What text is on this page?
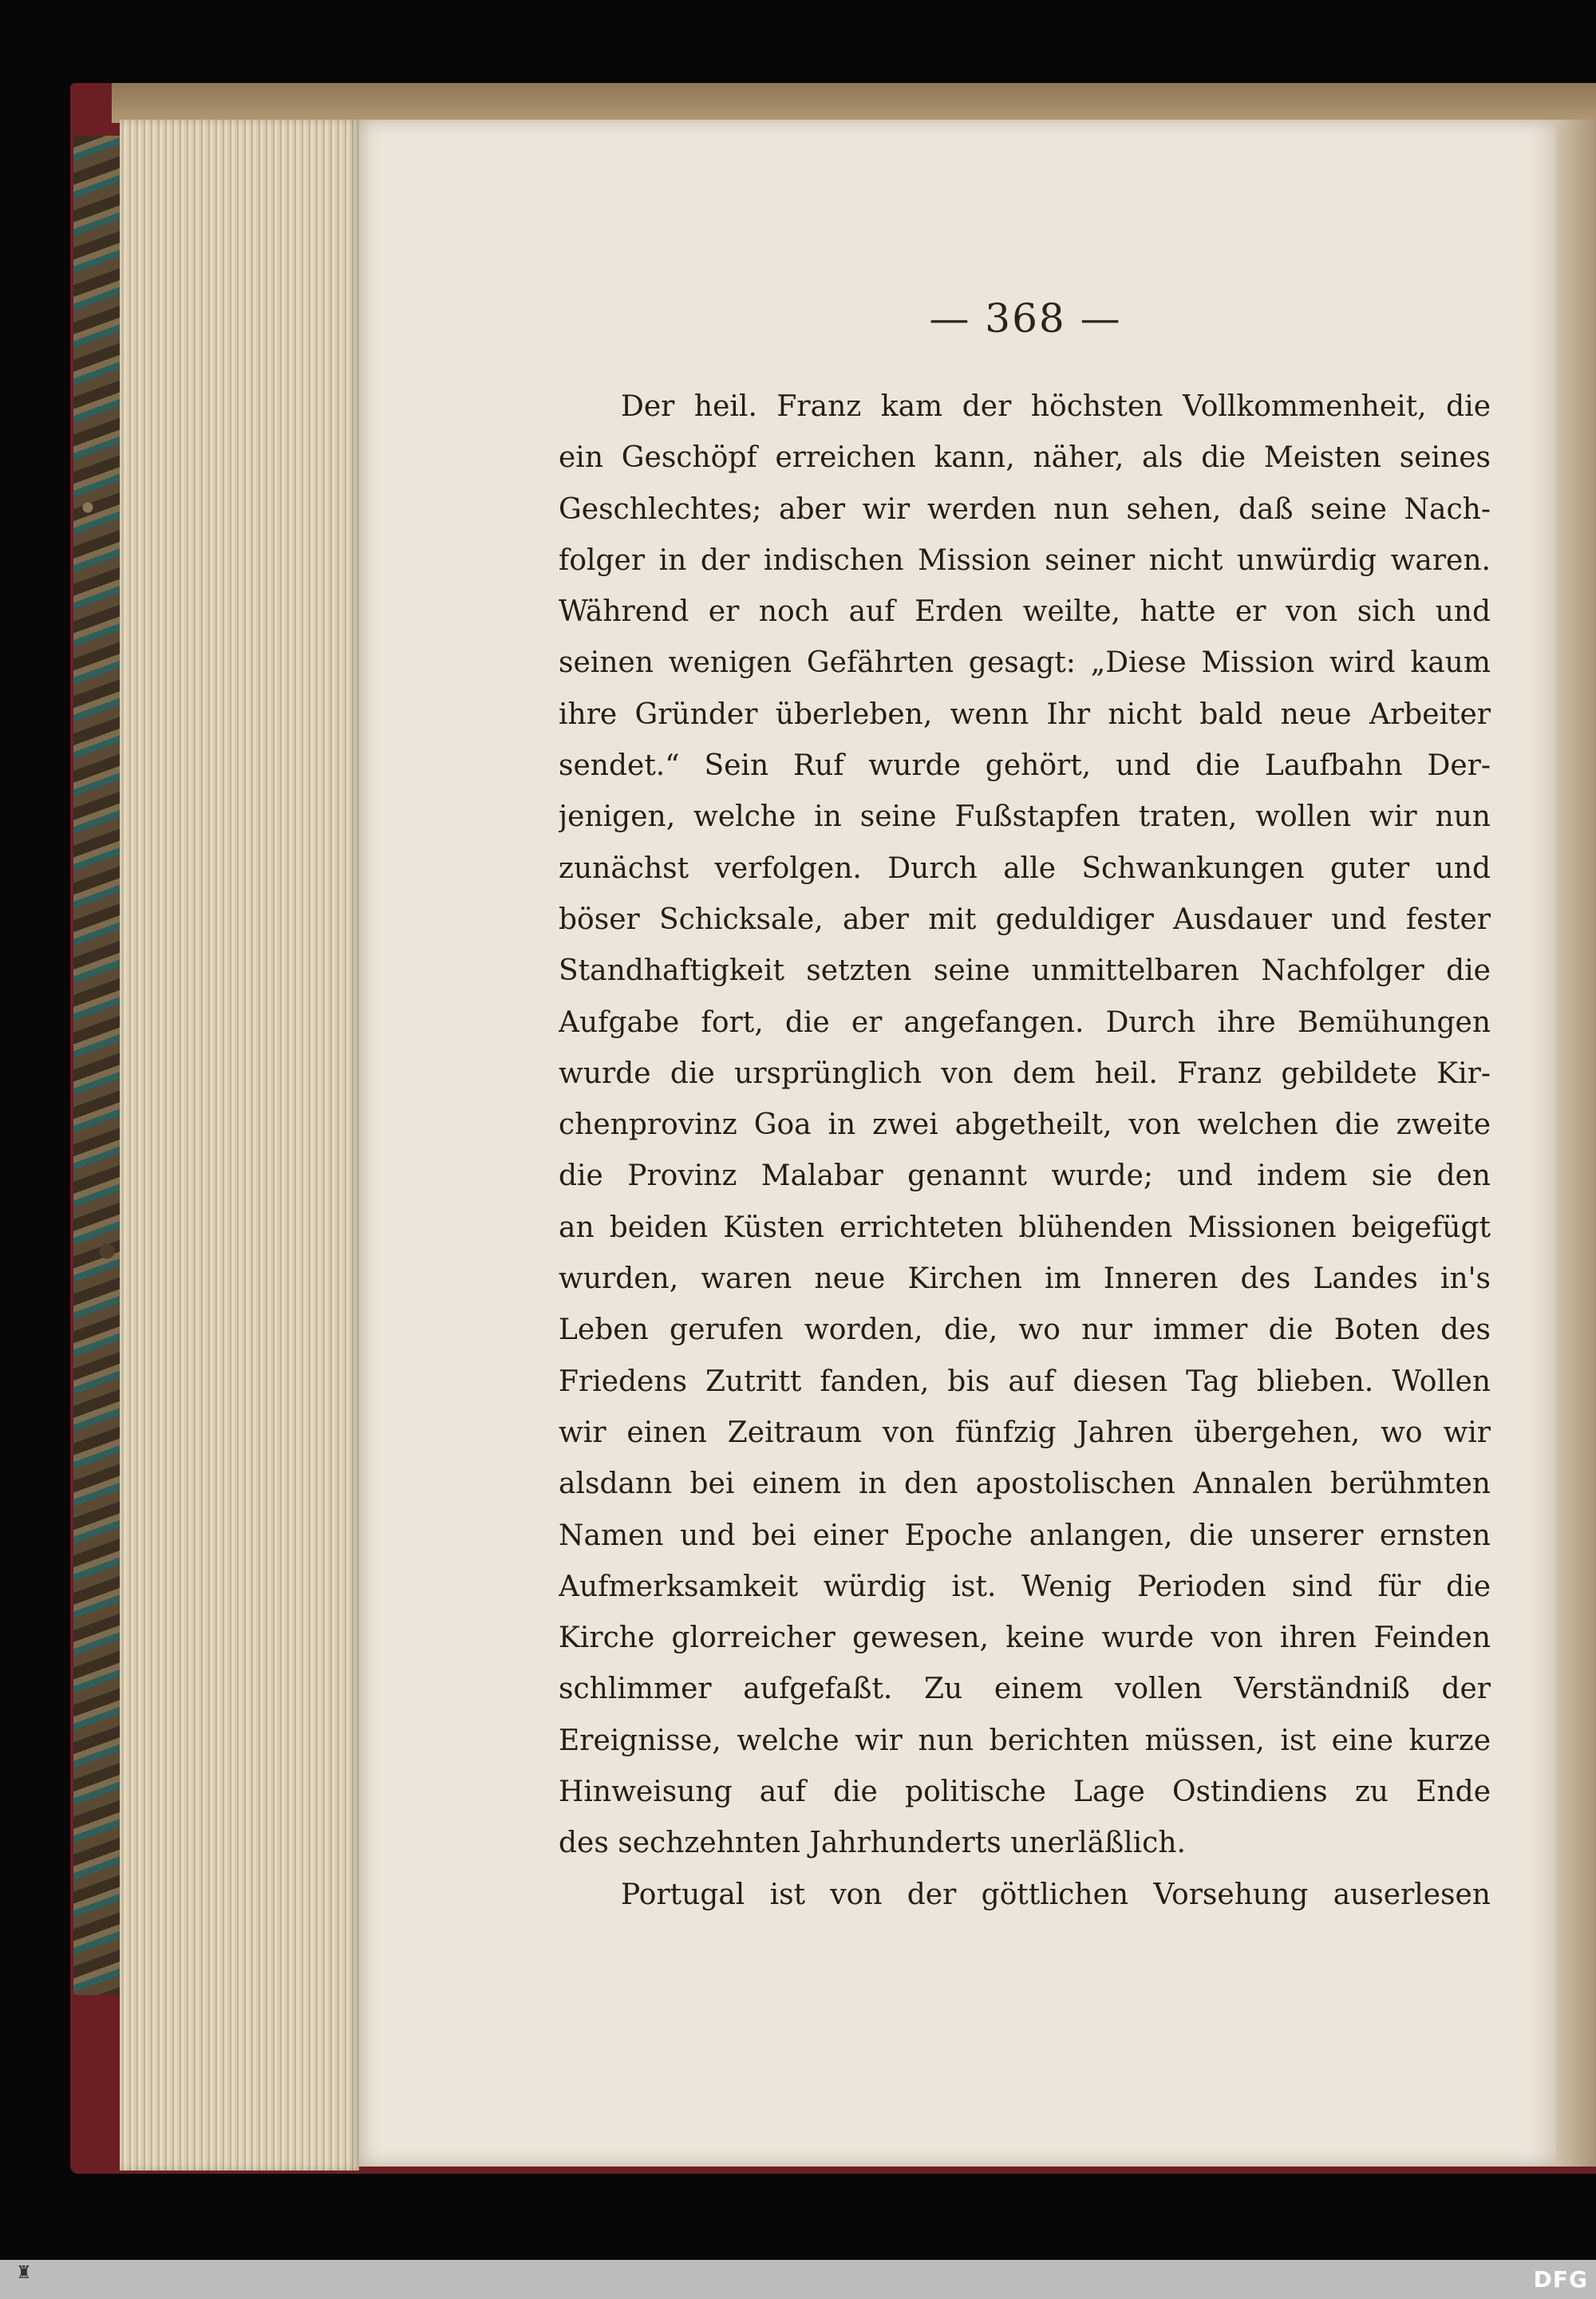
— 368 —
Der heil. Franz kam der höchsten Vollkommenheit, die
ein Geschöpf erreichen kann, näher, als die Meisten seines
Geschlechtes; aber wir werden nun sehen, daß seine Nach-
folger in der indischen Mission seiner nicht unwürdig waren.
Während er noch auf Erden weilte, hatte er von sich und
seinen wenigen Gefährten gesagt: „Diese Mission wird kaum
ihre Gründer überleben, wenn Ihr nicht bald neue Arbeiter
sendet.“ Sein Ruf wurde gehört, und die Laufbahn Der-
jenigen, welche in seine Fußstapfen traten, wollen wir nun
zunächst verfolgen. Durch alle Schwankungen guter und
böser Schicksale, aber mit geduldiger Ausdauer und fester
Standhaftigkeit setzten seine unmittelbaren Nachfolger die
Aufgabe fort, die er angefangen. Durch ihre Bemühungen
wurde die ursprünglich von dem heil. Franz gebildete Kir-
chenprovinz Goa in zwei abgetheilt, von welchen die zweite
die Provinz Malabar genannt wurde; und indem sie den
an beiden Küsten errichteten blühenden Missionen beigefügt
wurden, waren neue Kirchen im Inneren des Landes in's
Leben gerufen worden, die, wo nur immer die Boten des
Friedens Zutritt fanden, bis auf diesen Tag blieben. Wollen
wir einen Zeitraum von fünfzig Jahren übergehen, wo wir
alsdann bei einem in den apostolischen Annalen berühmten
Namen und bei einer Epoche anlangen, die unserer ernsten
Aufmerksamkeit würdig ist. Wenig Perioden sind für die
Kirche glorreicher gewesen, keine wurde von ihren Feinden
schlimmer aufgefaßt. Zu einem vollen Verständniß der
Ereignisse, welche wir nun berichten müssen, ist eine kurze
Hinweisung auf die politische Lage Ostindiens zu Ende
des sechzehnten Jahrhunderts unerläßlich.
Portugal ist von der göttlichen Vorsehung auserlesen
♜	DFG
